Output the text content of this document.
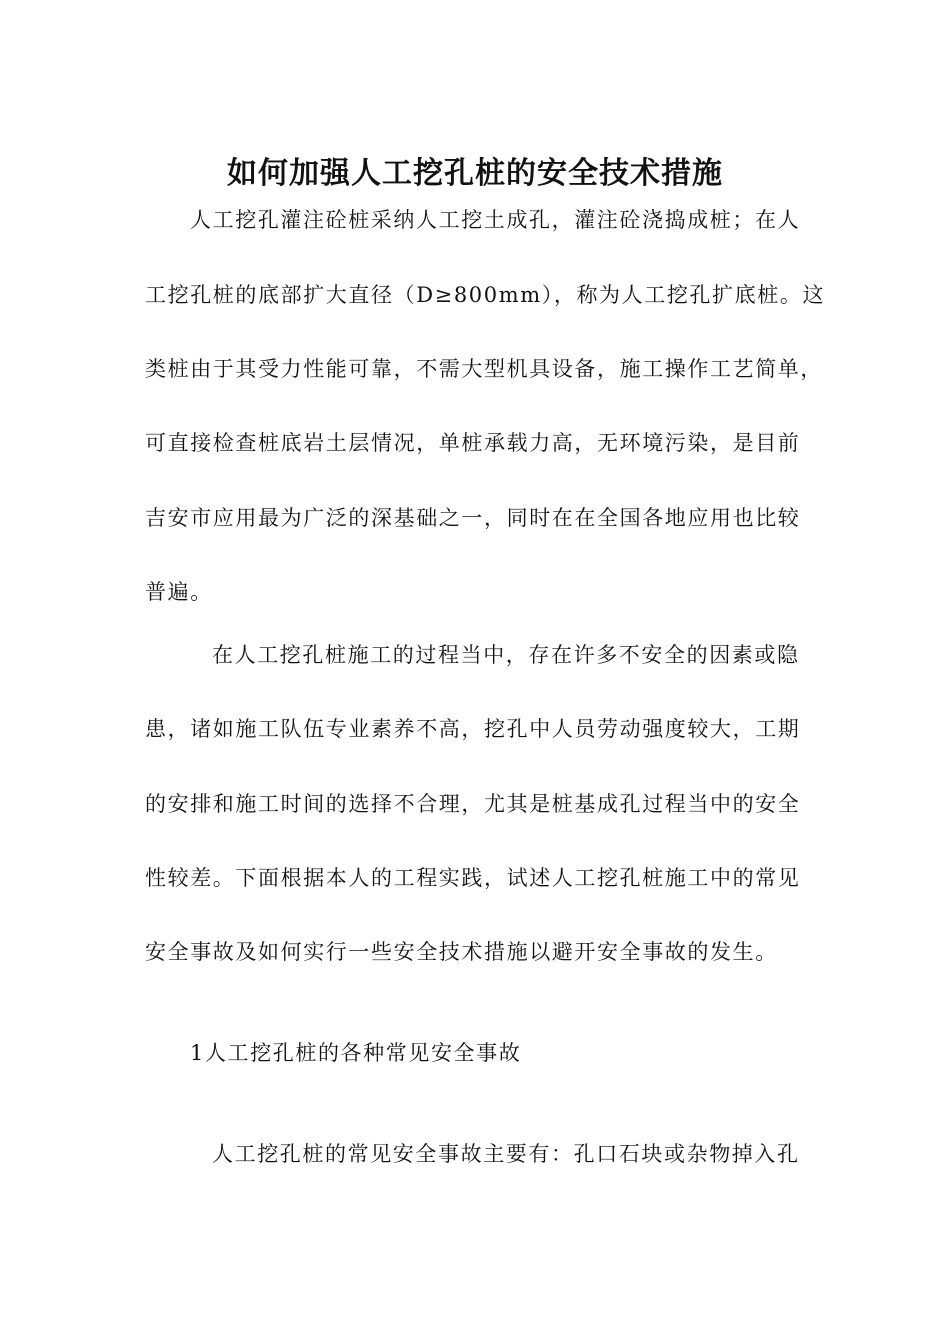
如何加强人工挖孔桩的安全技术措施
人工挖孔灌注砼桩采纳人工挖土成孔，灌注砼浇捣成桩；在人
工挖孔桩的底部扩大直径（D≥800mm），称为人工挖孔扩底桩。这
类桩由于其受力性能可靠，不需大型机具设备，施工操作工艺简单，
可直接检查桩底岩土层情况，单桩承载力高，无环境污染，是目前
吉安市应用最为广泛的深基础之一，同时在在全国各地应用也比较
普遍。
在人工挖孔桩施工的过程当中，存在许多不安全的因素或隐
患，诸如施工队伍专业素养不高，挖孔中人员劳动强度较大，工期
的安排和施工时间的选择不合理，尤其是桩基成孔过程当中的安全
性较差。下面根据本人的工程实践，试述人工挖孔桩施工中的常见
安全事故及如何实行一些安全技术措施以避开安全事故的发生。
1人工挖孔桩的各种常见安全事故
人工挖孔桩的常见安全事故主要有：孔口石块或杂物掉入孔
